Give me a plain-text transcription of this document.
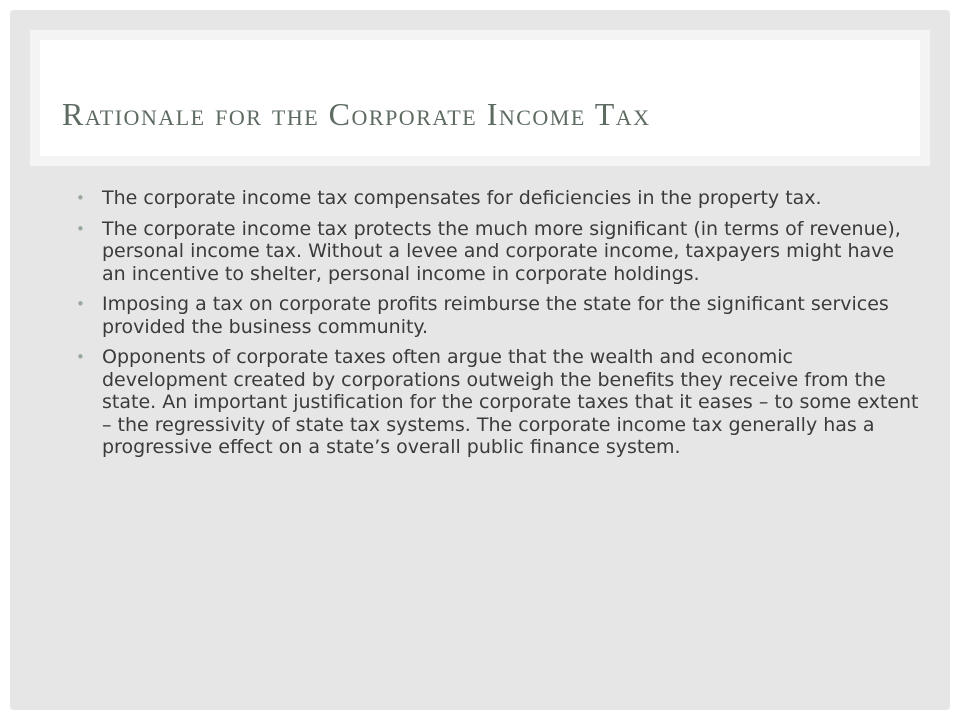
Rationale for the Corporate Income Tax
• The corporate income tax compensates for deficiencies in the property tax.
• The corporate income tax protects the much more significant (in terms of revenue), personal income tax. Without a levee and corporate income, taxpayers might have an incentive to shelter, personal income in corporate holdings.
• Imposing a tax on corporate profits reimburse the state for the significant services provided the business community.
• Opponents of corporate taxes often argue that the wealth and economic development created by corporations outweigh the benefits they receive from the state. An important justification for the corporate taxes that it eases – to some extent – the regressivity of state tax systems. The corporate income tax generally has a progressive effect on a state’s overall public finance system.
